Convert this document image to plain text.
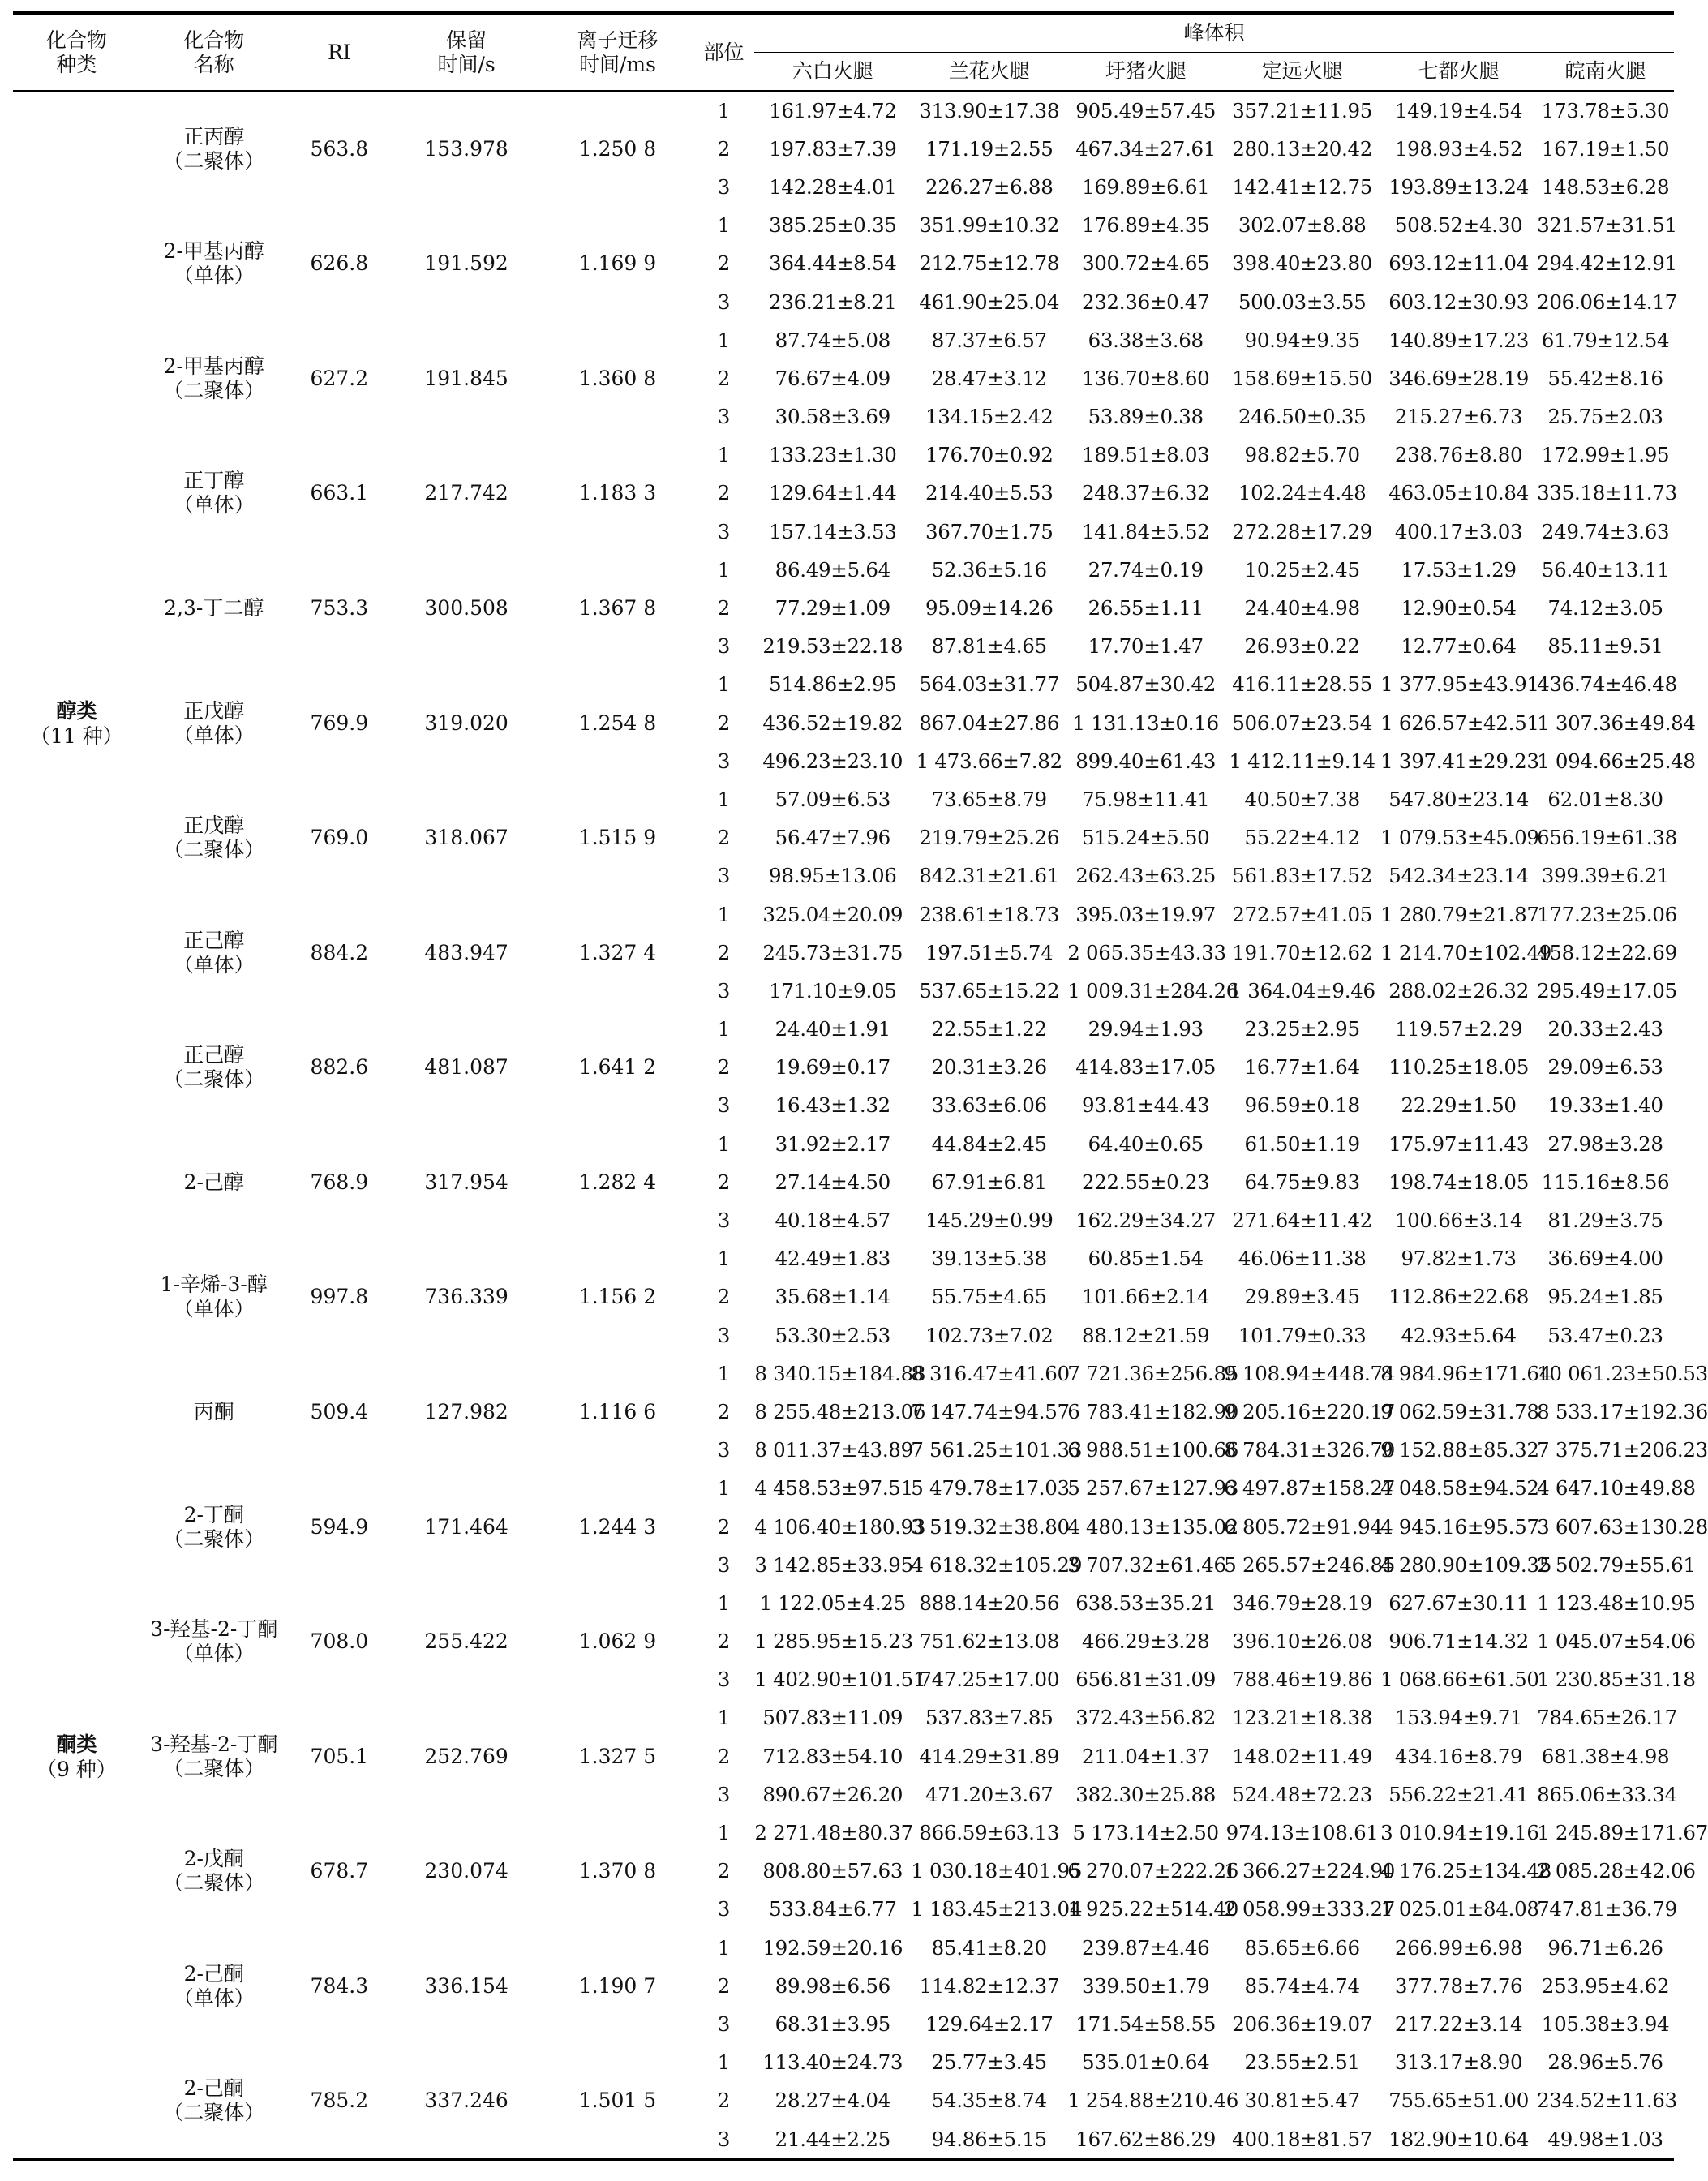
化合物
种类	化合物
名称	RI	保留
时间/s	离子迁移
时间/ms	部位	峰体积					
						六白火腿	兰花火腿	圩猪火腿	定远火腿	七都火腿	皖南火腿

醇类
（11 种）	正丙醇
（二聚体）	563.8	153.978	1.250 8	1	161.97±4.72	313.90±17.38	905.49±57.45	357.21±11.95	149.19±4.54	173.78±5.30
					2	197.83±7.39	171.19±2.55	467.34±27.61	280.13±20.42	198.93±4.52	167.19±1.50
					3	142.28±4.01	226.27±6.88	169.89±6.61	142.41±12.75	193.89±13.24	148.53±6.28

	2-甲基丙醇
（单体）	626.8	191.592	1.169 9	1	385.25±0.35	351.99±10.32	176.89±4.35	302.07±8.88	508.52±4.30	321.57±31.51
					2	364.44±8.54	212.75±12.78	300.72±4.65	398.40±23.80	693.12±11.04	294.42±12.91
					3	236.21±8.21	461.90±25.04	232.36±0.47	500.03±3.55	603.12±30.93	206.06±14.17

	2-甲基丙醇
（二聚体）	627.2	191.845	1.360 8	1	87.74±5.08	87.37±6.57	63.38±3.68	90.94±9.35	140.89±17.23	61.79±12.54
					2	76.67±4.09	28.47±3.12	136.70±8.60	158.69±15.50	346.69±28.19	55.42±8.16
					3	30.58±3.69	134.15±2.42	53.89±0.38	246.50±0.35	215.27±6.73	25.75±2.03

	正丁醇
（单体）	663.1	217.742	1.183 3	1	133.23±1.30	176.70±0.92	189.51±8.03	98.82±5.70	238.76±8.80	172.99±1.95
					2	129.64±1.44	214.40±5.53	248.37±6.32	102.24±4.48	463.05±10.84	335.18±11.73
					3	157.14±3.53	367.70±1.75	141.84±5.52	272.28±17.29	400.17±3.03	249.74±3.63

	2,3-丁二醇	753.3	300.508	1.367 8	1	86.49±5.64	52.36±5.16	27.74±0.19	10.25±2.45	17.53±1.29	56.40±13.11
					2	77.29±1.09	95.09±14.26	26.55±1.11	24.40±4.98	12.90±0.54	74.12±3.05
					3	219.53±22.18	87.81±4.65	17.70±1.47	26.93±0.22	12.77±0.64	85.11±9.51

	正戊醇
（单体）	769.9	319.020	1.254 8	1	514.86±2.95	564.03±31.77	504.87±30.42	416.11±28.55	1 377.95±43.91	436.74±46.48
					2	436.52±19.82	867.04±27.86	1 131.13±0.16	506.07±23.54	1 626.57±42.51	1 307.36±49.84
					3	496.23±23.10	1 473.66±7.82	899.40±61.43	1 412.11±9.14	1 397.41±29.23	1 094.66±25.48

	正戊醇
（二聚体）	769.0	318.067	1.515 9	1	57.09±6.53	73.65±8.79	75.98±11.41	40.50±7.38	547.80±23.14	62.01±8.30
					2	56.47±7.96	219.79±25.26	515.24±5.50	55.22±4.12	1 079.53±45.09	656.19±61.38
					3	98.95±13.06	842.31±21.61	262.43±63.25	561.83±17.52	542.34±23.14	399.39±6.21

	正己醇
（单体）	884.2	483.947	1.327 4	1	325.04±20.09	238.61±18.73	395.03±19.97	272.57±41.05	1 280.79±21.87	177.23±25.06
					2	245.73±31.75	197.51±5.74	2 065.35±43.33	191.70±12.62	1 214.70±102.49	458.12±22.69
					3	171.10±9.05	537.65±15.22	1 009.31±284.26	1 364.04±9.46	288.02±26.32	295.49±17.05

	正己醇
（二聚体）	882.6	481.087	1.641 2	1	24.40±1.91	22.55±1.22	29.94±1.93	23.25±2.95	119.57±2.29	20.33±2.43
					2	19.69±0.17	20.31±3.26	414.83±17.05	16.77±1.64	110.25±18.05	29.09±6.53
					3	16.43±1.32	33.63±6.06	93.81±44.43	96.59±0.18	22.29±1.50	19.33±1.40

	2-己醇	768.9	317.954	1.282 4	1	31.92±2.17	44.84±2.45	64.40±0.65	61.50±1.19	175.97±11.43	27.98±3.28
					2	27.14±4.50	67.91±6.81	222.55±0.23	64.75±9.83	198.74±18.05	115.16±8.56
					3	40.18±4.57	145.29±0.99	162.29±34.27	271.64±11.42	100.66±3.14	81.29±3.75

	1-辛烯-3-醇
（单体）	997.8	736.339	1.156 2	1	42.49±1.83	39.13±5.38	60.85±1.54	46.06±11.38	97.82±1.73	36.69±4.00
					2	35.68±1.14	55.75±4.65	101.66±2.14	29.89±3.45	112.86±22.68	95.24±1.85
					3	53.30±2.53	102.73±7.02	88.12±21.59	101.79±0.33	42.93±5.64	53.47±0.23

酮类
（9 种）	丙酮	509.4	127.982	1.116 6	1	8 340.15±184.88	8 316.47±41.60	7 721.36±256.85	9 108.94±448.74	8 984.96±171.64	10 061.23±50.53
					2	8 255.48±213.06	7 147.74±94.57	6 783.41±182.90	9 205.16±220.17	9 062.59±31.78	8 533.17±192.36
					3	8 011.37±43.89	7 561.25±101.33	6 988.51±100.66	8 784.31±326.70	9 152.88±85.32	7 375.71±206.23

	2-丁酮
（二聚体）	594.9	171.464	1.244 3	1	4 458.53±97.51	5 479.78±17.03	5 257.67±127.93	6 497.87±158.27	4 048.58±94.52	4 647.10±49.88
					2	4 106.40±180.93	3 519.32±38.80	4 480.13±135.02	6 805.72±91.94	4 945.16±95.57	3 607.63±130.28
					3	3 142.85±33.95	4 618.32±105.29	3 707.32±61.46	5 265.57±246.85	4 280.90±109.35	2 502.79±55.61

	3-羟基-2-丁酮
（单体）	708.0	255.422	1.062 9	1	1 122.05±4.25	888.14±20.56	638.53±35.21	346.79±28.19	627.67±30.11	1 123.48±10.95
					2	1 285.95±15.23	751.62±13.08	466.29±3.28	396.10±26.08	906.71±14.32	1 045.07±54.06
					3	1 402.90±101.51	747.25±17.00	656.81±31.09	788.46±19.86	1 068.66±61.50	1 230.85±31.18

	3-羟基-2-丁酮
（二聚体）	705.1	252.769	1.327 5	1	507.83±11.09	537.83±7.85	372.43±56.82	123.21±18.38	153.94±9.71	784.65±26.17
					2	712.83±54.10	414.29±31.89	211.04±1.37	148.02±11.49	434.16±8.79	681.38±4.98
					3	890.67±26.20	471.20±3.67	382.30±25.88	524.48±72.23	556.22±21.41	865.06±33.34

	2-戊酮
（二聚体）	678.7	230.074	1.370 8	1	2 271.48±80.37	866.59±63.13	5 173.14±2.50	974.13±108.61	3 010.94±19.16	1 245.89±171.67
					2	808.80±57.63	1 030.18±401.95	6 270.07±222.26	1 366.27±224.90	4 176.25±134.48	2 085.28±42.06
					3	533.84±6.77	1 183.45±213.04	1 925.22±514.40	2 058.99±333.27	1 025.01±84.08	747.81±36.79

	2-己酮
（单体）	784.3	336.154	1.190 7	1	192.59±20.16	85.41±8.20	239.87±4.46	85.65±6.66	266.99±6.98	96.71±6.26
					2	89.98±6.56	114.82±12.37	339.50±1.79	85.74±4.74	377.78±7.76	253.95±4.62
					3	68.31±3.95	129.64±2.17	171.54±58.55	206.36±19.07	217.22±3.14	105.38±3.94

	2-己酮
（二聚体）	785.2	337.246	1.501 5	1	113.40±24.73	25.77±3.45	535.01±0.64	23.55±2.51	313.17±8.90	28.96±5.76
					2	28.27±4.04	54.35±8.74	1 254.88±210.46	30.81±5.47	755.65±51.00	234.52±11.63
					3	21.44±2.25	94.86±5.15	167.62±86.29	400.18±81.57	182.90±10.64	49.98±1.03
